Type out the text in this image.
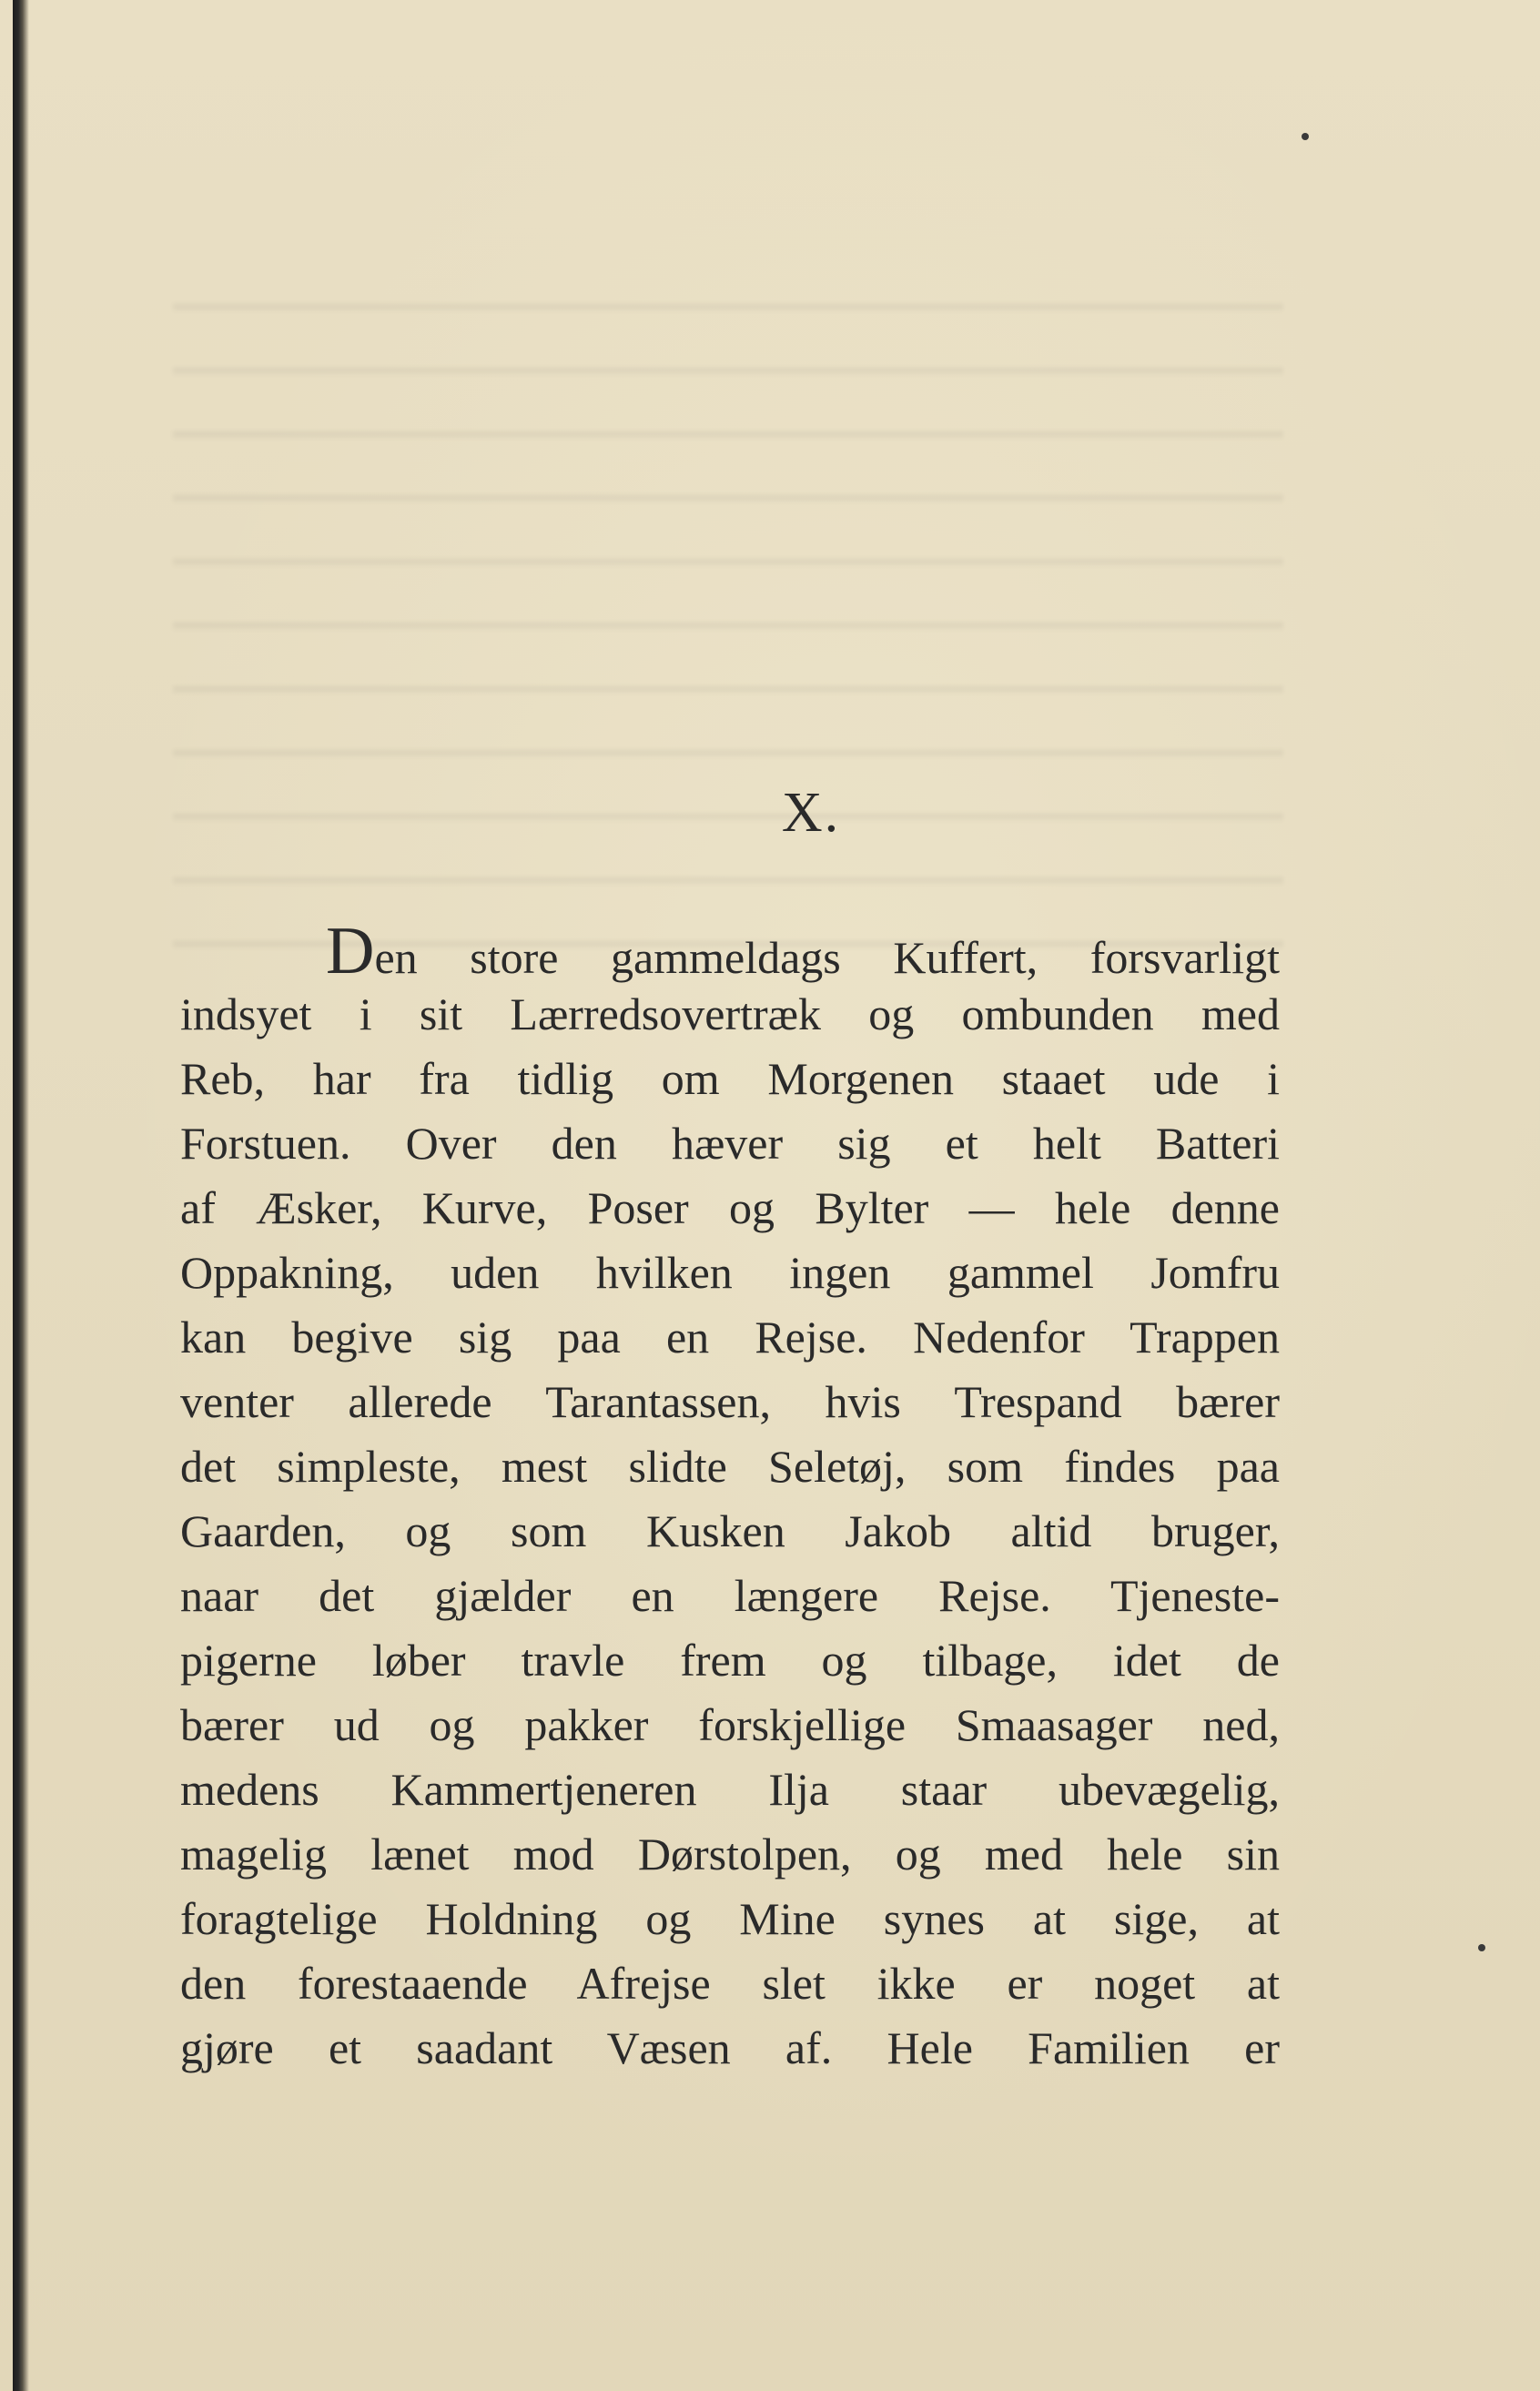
X.
Den store gammeldags Kuffert, forsvarligt
indsyet i sit Lærredsovertræk og ombunden med
Reb, har fra tidlig om Morgenen staaet ude i
Forstuen. Over den hæver sig et helt Batteri
af Æsker, Kurve, Poser og Bylter — hele denne
Oppakning, uden hvilken ingen gammel Jomfru
kan begive sig paa en Rejse. Nedenfor Trappen
venter allerede Tarantassen, hvis Trespand bærer
det simpleste, mest slidte Seletøj, som findes paa
Gaarden, og som Kusken Jakob altid bruger,
naar det gjælder en længere Rejse. Tjeneste-
pigerne løber travle frem og tilbage, idet de
bærer ud og pakker forskjellige Smaasager ned,
medens Kammertjeneren Ilja staar ubevægelig,
magelig lænet mod Dørstolpen, og med hele sin
foragtelige Holdning og Mine synes at sige, at
den forestaaende Afrejse slet ikke er noget at
gjøre et saadant Væsen af. Hele Familien er
